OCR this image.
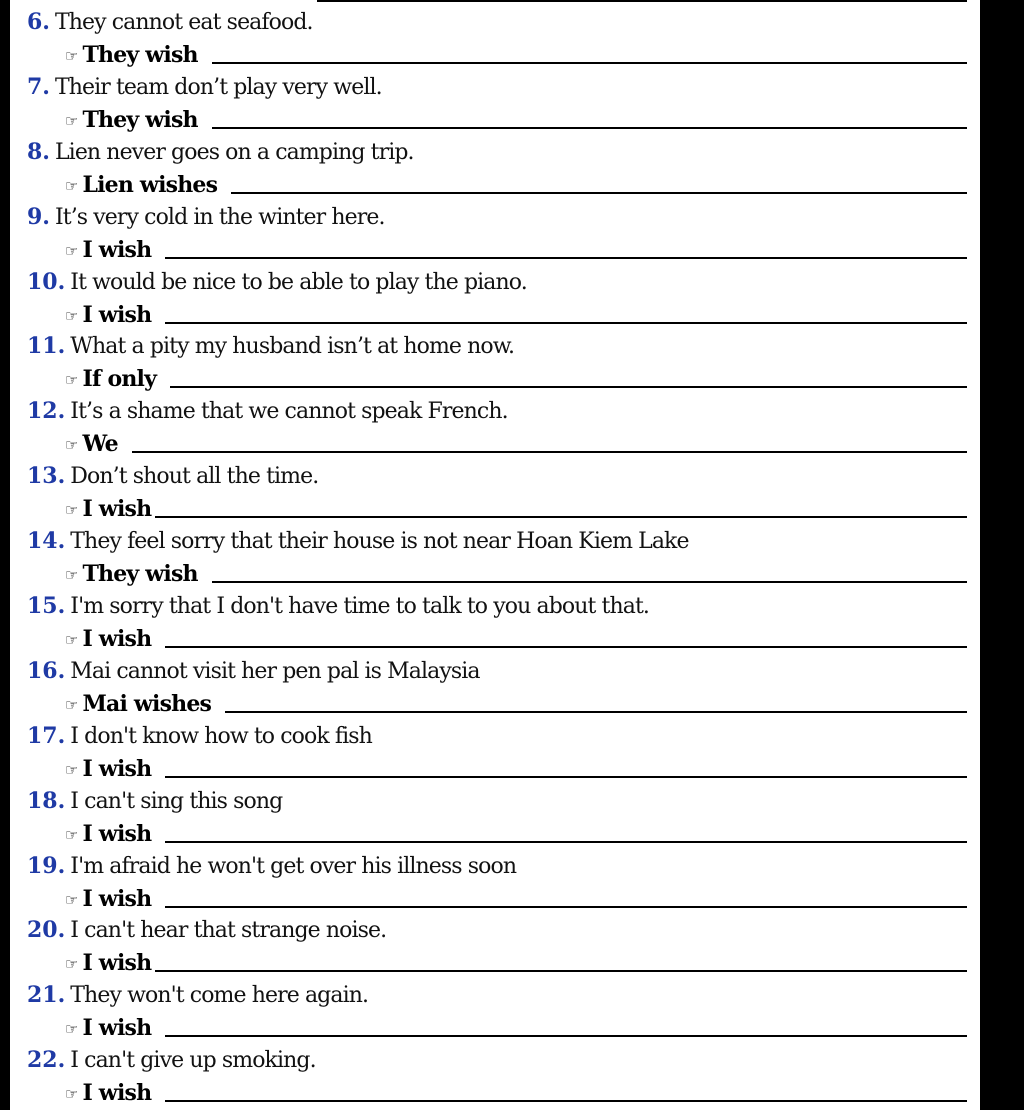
6. They cannot eat seafood.
☞ They wish
7. Their team don’t play very well.
☞ They wish
8. Lien never goes on a camping trip.
☞ Lien wishes
9. It’s very cold in the winter here.
☞ I wish
10. It would be nice to be able to play the piano.
☞ I wish
11. What a pity my husband isn’t at home now.
☞ If only
12. It’s a shame that we cannot speak French.
☞ We
13. Don’t shout all the time.
☞ I wish
14. They feel sorry that their house is not near Hoan Kiem Lake
☞ They wish
15. I'm sorry that I don't have time to talk to you about that.
☞ I wish
16. Mai cannot visit her pen pal is Malaysia
☞ Mai wishes
17. I don't know how to cook fish
☞ I wish
18. I can't sing this song
☞ I wish
19. I'm afraid he won't get over his illness soon
☞ I wish
20. I can't hear that strange noise.
☞ I wish
21. They won't come here again.
☞ I wish
22. I can't give up smoking.
☞ I wish
